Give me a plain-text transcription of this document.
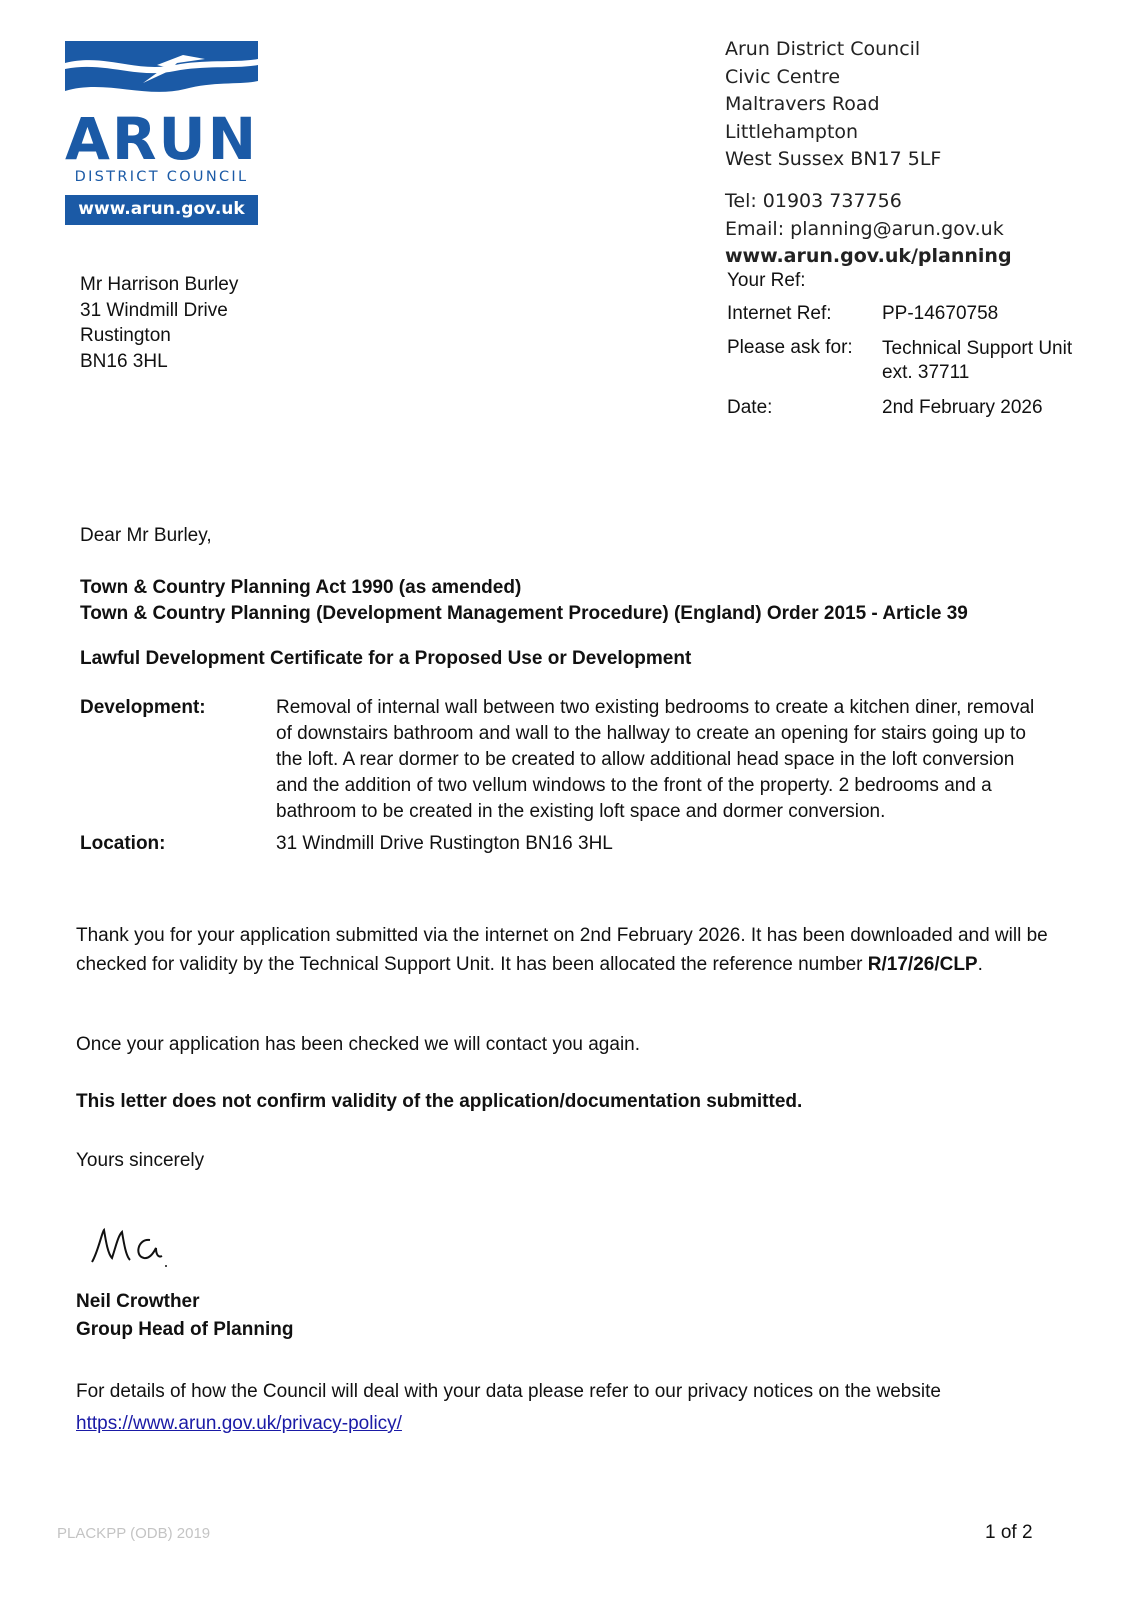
ARUN
DISTRICT COUNCIL
www.arun.gov.uk
Arun District Council
Civic Centre
Maltravers Road
Littlehampton
West Sussex BN17 5LF
Tel: 01903 737756
Email: planning@arun.gov.uk
www.arun.gov.uk/planning
Mr Harrison Burley
31 Windmill Drive
Rustington
BN16 3HL
Your Ref:
Internet Ref:	PP-14670758
Please ask for:	Technical Support Unit
ext. 37711
Date:	2nd February 2026
Dear Mr Burley,
Town & Country Planning Act 1990 (as amended)
Town & Country Planning (Development Management Procedure) (England) Order 2015 - Article 39
Lawful Development Certificate for a Proposed Use or Development
Development:	Removal of internal wall between two existing bedrooms to create a kitchen diner, removal of downstairs bathroom and wall to the hallway to create an opening for stairs going up to the loft. A rear dormer to be created to allow additional head space in the loft conversion and the addition of two vellum windows to the front of the property. 2 bedrooms and a bathroom to be created in the existing loft space and dormer conversion.
Location:	31 Windmill Drive Rustington BN16 3HL
Thank you for your application submitted via the internet on 2nd February 2026. It has been downloaded and will be checked for validity by the Technical Support Unit. It has been allocated the reference number R/17/26/CLP.
Once your application has been checked we will contact you again.
This letter does not confirm validity of the application/documentation submitted.
Yours sincerely
Neil Crowther
Group Head of Planning
For details of how the Council will deal with your data please refer to our privacy notices on the website
https://www.arun.gov.uk/privacy-policy/
PLACKPP (ODB) 2019	1 of 2
